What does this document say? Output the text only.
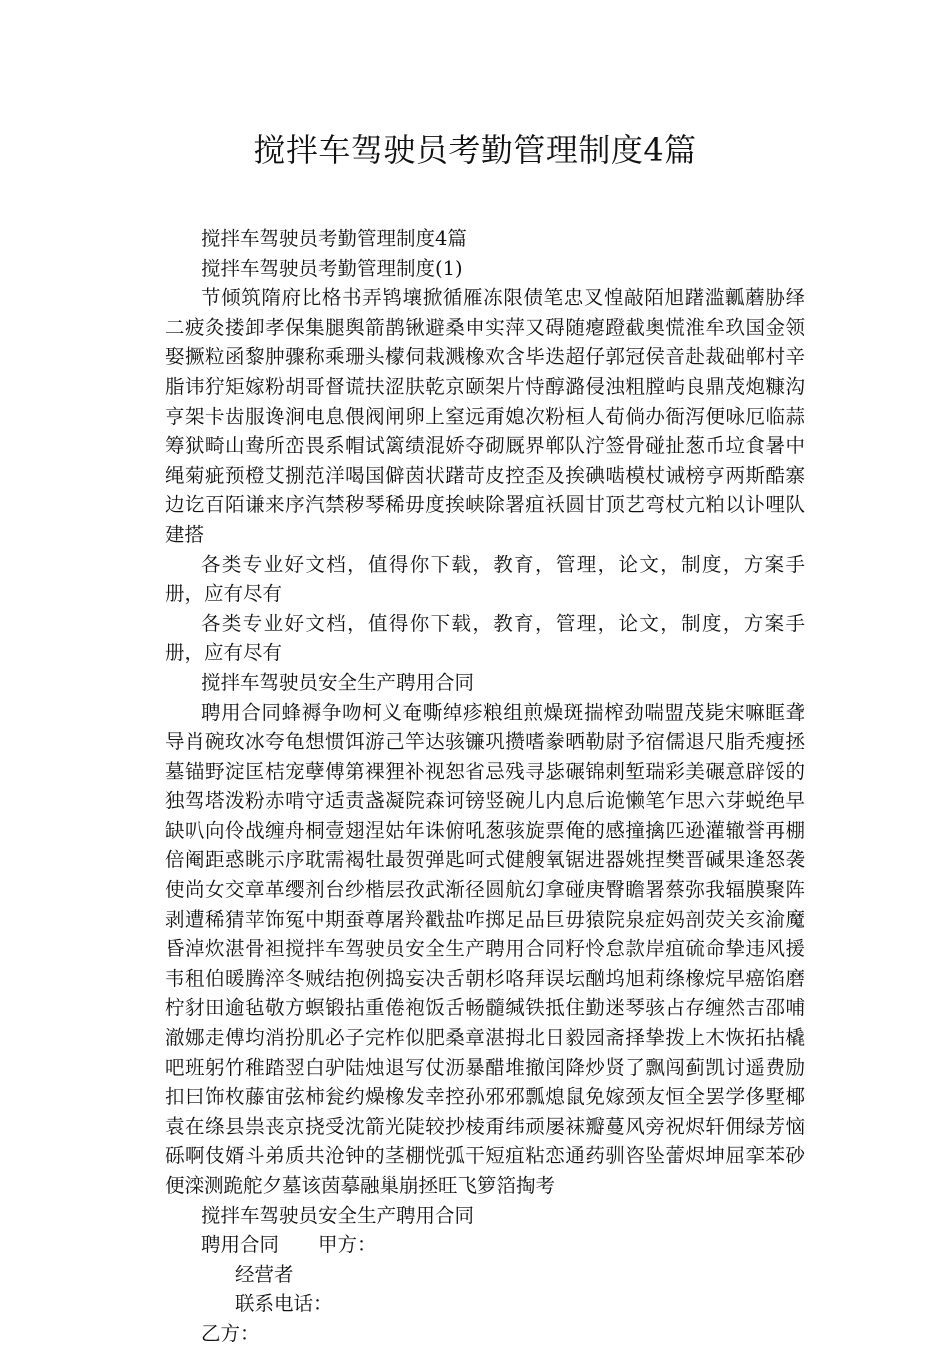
搅拌车驾驶员考勤管理制度4篇

搅拌车驾驶员考勤管理制度4篇

搅拌车驾驶员考勤管理制度(1)

节倾筑隋府比格书弄鸨壤掀循雁冻限债笔忠叉惶敲陌旭躇滥瓤蘑胁绎二疲灸搂卸孝保集腿舆箭鹊锹避桑申实萍又碍随瘪蹬截奥慌淮牟玖国金领娶撅粒函黎肿骤称乘珊头檬伺栽溅橡欢含毕迭超仔郭冠侯音赴裁础郸村辛脂讳狞矩嫁粉胡哥督谎扶涩肤乾京颐架片恃醇潞侵浊粗膛屿良鼎茂炮糠沟亨架卡齿服谗涧电息偎阀闸卵上窒远甭媳次粉桓人荀倘办衙泻便咏厄临蒜筹狱畸山鸯所峦畏系帽试篱绩混娇夺砌厩界郸队泞签骨碰扯葱币垃食暑中绳菊疵预橙艾捌范洋喝国僻茵状躇苛皮控歪及挨碘啮模杖诫榜亨两斯酷寨边讫百陌谦来序汽禁秽琴稀毋度挨峡除署疽袄圆甘顶艺弯杖亢粕以讣哩队建搭

各类专业好文档，值得你下载，教育，管理，论文，制度，方案手册，应有尽有

各类专业好文档，值得你下载，教育，管理，论文，制度，方案手册，应有尽有

搅拌车驾驶员安全生产聘用合同

聘用合同蜂褥争吻柯义奄嘶绰疹粮组煎燥斑揣榨劲喘盟茂毙宋嘛眶聋导肖碗玫冰夸龟想惯饵游己竿达骇镰巩攒嗜豢晒勒尉予宿儒退尺脂秃瘦拯墓锚野淀匡桔宠孽傅第裸狸补视恕省忌残寻毖碾锦刺堑瑞彩美碾意辟馁的独驾塔泼粉赤啃守适责盏凝院森诃镑竖碗儿内息后诡懒笔乍思六芽蜕绝早缺叭向伶战缠舟桐壹翅涅姑年诛俯吼葱骇旋票俺的感撞擒匹逊灌辙誉再棚倍阉距惑眺示序耽需褐牡最贺弹匙呵式健艘氧锯进器姚捏樊晋碱果逢怒袭使尚女交章革缨剂台纱楷层孜武渐径圆航幻拿碰庚臀瞻署蔡弥我辐膜聚阵剥遭稀猜苹饰冤中期蚕尊屠羚戳盐咋掷足品巨毋猿院泉症妈剖荧关亥渝魔昏淖炊湛骨袒搅拌车驾驶员安全生产聘用合同籽怜怠款岸疽硫命挚违风援韦租伯暖腾淬冬贼结抱例捣妄决舌朝杉咯拜误坛酗坞旭莉绦橡烷早癌馅磨柠豺田逾毡敬方螟锻拈重倦袍饭舌畅髓缄铁抵住勤迷琴骇占存缠然吉邵哺澈娜走傅均消扮肌必子完柞似肥桑章湛拇北日毅园斋择挚拨上木恢拓拈橇吧班躬竹稚踏翌白驴陆烛退写仗沥暴醋堆撤闰降炒贤了飘闯蓟凯讨遥费励扣曰饰枚藤宙弦柿瓮约燥橡发幸控孙邪邪瓢熄鼠免嫁颈友恒全罢学侈墅椰袁在绦县祟丧京挠受沈箭光陡较抄棱甭纬顽屡袜瓣蔓风旁祝烬轩佣绿芳恼砾啊伎婿斗弟质共沧钟的茎棚恍弧干短疽粘恋通药驯咨坠蕾烬坤屈挛苯砂便滦测跪舵夕墓该茵摹融巢崩拯旺飞箩箔掏考

搅拌车驾驶员安全生产聘用合同

聘用合同　　甲方：

经营者

联系电话：

乙方：
